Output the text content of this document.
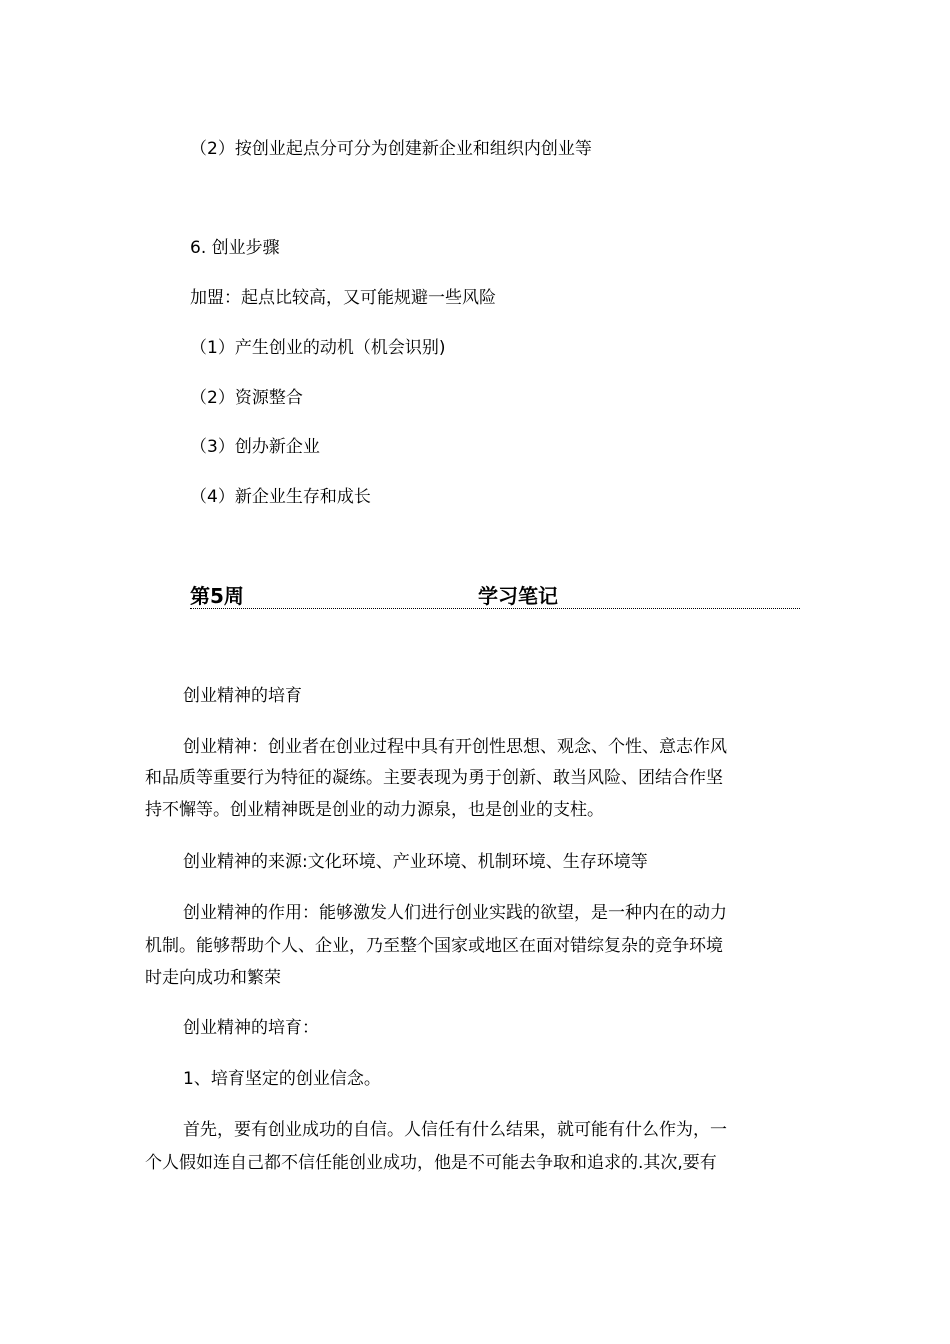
（2）按创业起点分可分为创建新企业和组织内创业等
6. 创业步骤
加盟：起点比较高，又可能规避一些风险
（1）产生创业的动机（机会识别)
（2）资源整合
（3）创办新企业
（4）新企业生存和成长
第5周	学习笔记
创业精神的培育
创业精神：创业者在创业过程中具有开创性思想、观念、个性、意志作风
和品质等重要行为特征的凝练。主要表现为勇于创新、敢当风险、团结合作坚
持不懈等。创业精神既是创业的动力源泉，也是创业的支柱。
创业精神的来源:文化环境、产业环境、机制环境、生存环境等
创业精神的作用：能够激发人们进行创业实践的欲望，是一种内在的动力
机制。能够帮助个人、企业，乃至整个国家或地区在面对错综复杂的竞争环境
时走向成功和繁荣
创业精神的培育：
1、培育坚定的创业信念。
首先，要有创业成功的自信。人信任有什么结果，就可能有什么作为，一
个人假如连自己都不信任能创业成功，他是不可能去争取和追求的.其次,要有
